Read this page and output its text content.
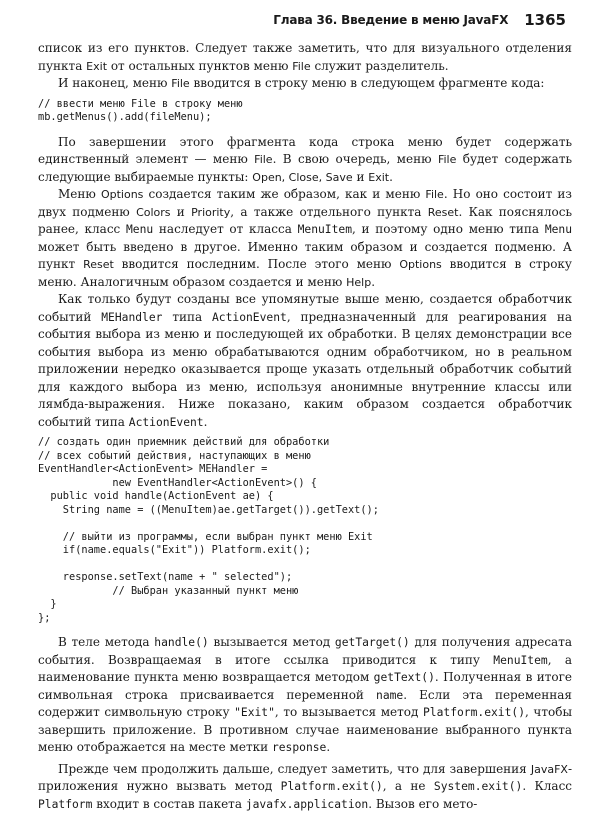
Глава 36. Введение в меню JavaFX 1365

список из его пунктов. Следует также заметить, что для визуального отделения пункта Exit от остальных пунктов меню File служит разделитель.

И наконец, меню File вводится в строку меню в следующем фрагменте кода:

// ввести меню File в строку меню
mb.getMenus().add(fileMenu);

По завершении этого фрагмента кода строка меню будет содержать единственный элемент — меню File. В свою очередь, меню File будет содержать следующие выбираемые пункты: Open, Close, Save и Exit.

Меню Options создается таким же образом, как и меню File. Но оно состоит из двух подменю Colors и Priority, а также отдельного пункта Reset. Как пояснялось ранее, класс Menu наследует от класса MenuItem, и поэтому одно меню типа Menu может быть введено в другое. Именно таким образом и создается подменю. А пункт Reset вводится последним. После этого меню Options вводится в строку меню. Аналогичным образом создается и меню Help.

Как только будут созданы все упомянутые выше меню, создается обработчик событий MEHandler типа ActionEvent, предназначенный для реагирования на события выбора из меню и последующей их обработки. В целях демонстрации все события выбора из меню обрабатываются одним обработчиком, но в реальном приложении нередко оказывается проще указать отдельный обработчик событий для каждого выбора из меню, используя анонимные внутренние классы или лямбда-выражения. Ниже показано, каким образом создается обработчик событий типа ActionEvent.

// создать один приемник действий для обработки
// всех событий действия, наступающих в меню
EventHandler<ActionEvent> MEHandler =
new EventHandler<ActionEvent>() {
public void handle(ActionEvent ae) {
String name = ((MenuItem)ae.getTarget()).getText();

// выйти из программы, если выбран пункт меню Exit
if(name.equals("Exit")) Platform.exit();

response.setText(name + " selected");
// Выбран указанный пункт меню
}
};

В теле метода handle() вызывается метод getTarget() для получения адресата события. Возвращаемая в итоге ссылка приводится к типу MenuItem, а наименование пункта меню возвращается методом getText(). Полученная в итоге символьная строка присваивается переменной name. Если эта переменная содержит символьную строку "Exit", то вызывается метод Platform.exit(), чтобы завершить приложение. В противном случае наименование выбранного пункта меню отображается на месте метки response.

Прежде чем продолжить дальше, следует заметить, что для завершения JavaFX-приложения нужно вызвать метод Platform.exit(), а не System.exit(). Класс Platform входит в состав пакета javafx.application. Вызов его мето-
